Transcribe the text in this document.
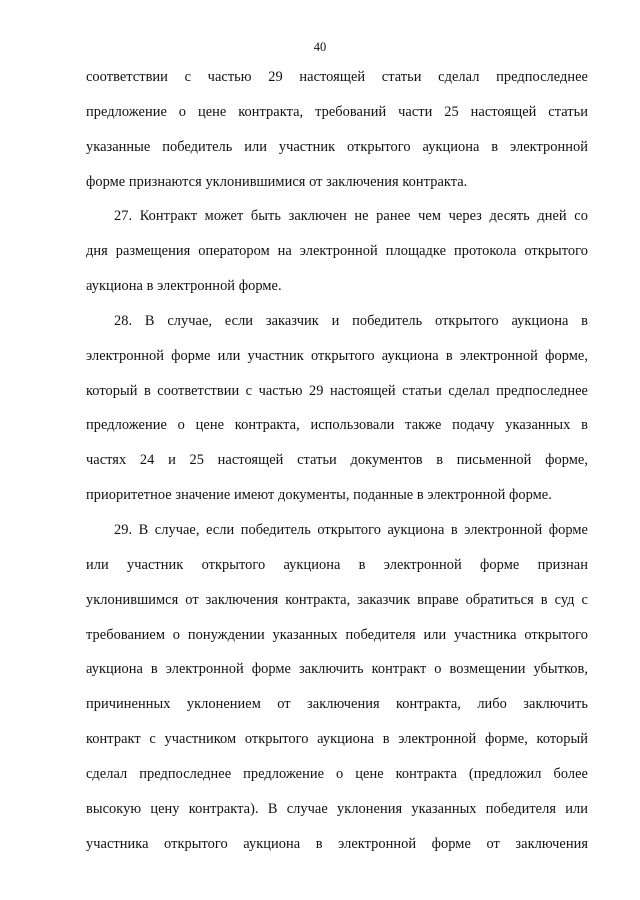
40
соответствии с частью 29 настоящей статьи сделал предпоследнее
предложение о цене контракта, требований части 25 настоящей статьи
указанные победитель или участник открытого аукциона в электронной
форме признаются уклонившимися от заключения контракта.
27. Контракт может быть заключен не ранее чем через десять дней со
дня размещения оператором на электронной площадке протокола открытого
аукциона в электронной форме.
28. В случае, если заказчик и победитель открытого аукциона в
электронной форме или участник открытого аукциона в электронной форме,
который в соответствии с частью 29 настоящей статьи сделал предпоследнее
предложение о цене контракта, использовали также подачу указанных в
частях 24 и 25 настоящей статьи документов в письменной форме,
приоритетное значение имеют документы, поданные в электронной форме.
29. В случае, если победитель открытого аукциона в электронной форме
или участник открытого аукциона в электронной форме признан
уклонившимся от заключения контракта, заказчик вправе обратиться в суд с
требованием о понуждении указанных победителя или участника открытого
аукциона в электронной форме заключить контракт о возмещении убытков,
причиненных уклонением от заключения контракта, либо заключить
контракт с участником открытого аукциона в электронной форме, который
сделал предпоследнее предложение о цене контракта (предложил более
высокую цену контракта). В случае уклонения указанных победителя или
участника открытого аукциона в электронной форме от заключения
